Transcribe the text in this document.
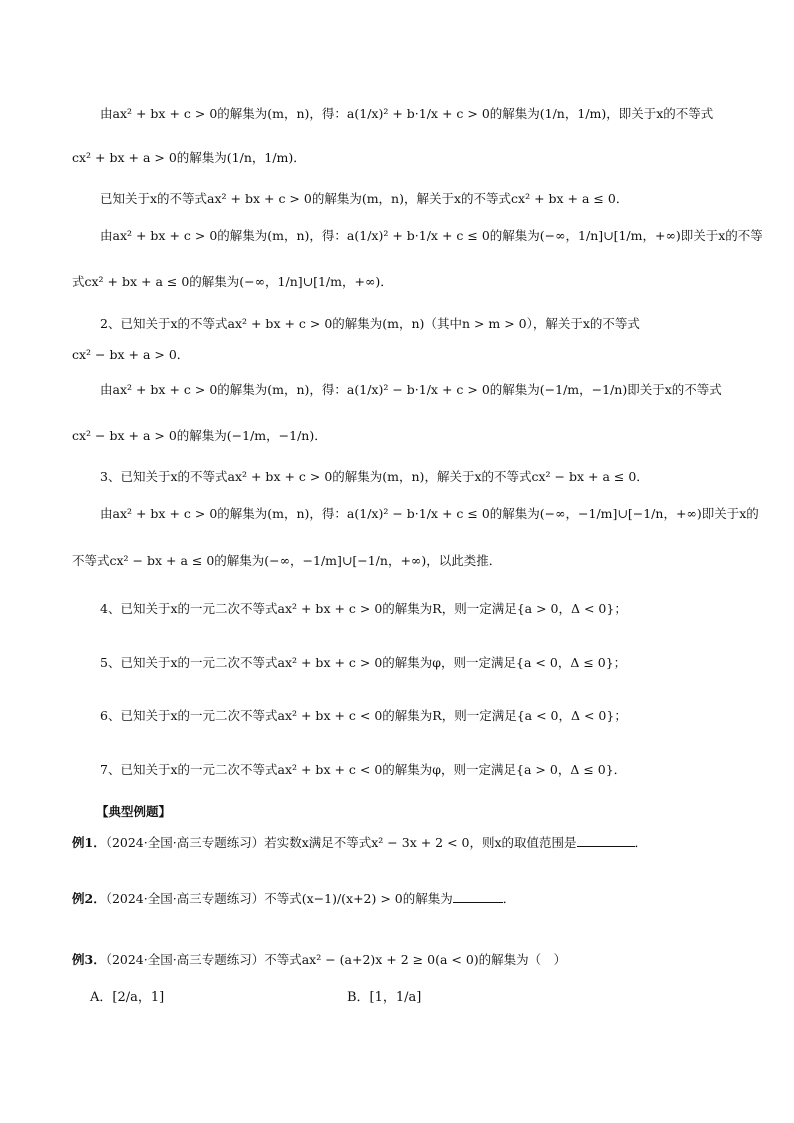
由ax² + bx + c > 0的解集为(m，n)，得：a(1/x)² + b·1/x + c > 0的解集为(1/n，1/m)，即关于x的不等式
cx² + bx + a > 0的解集为(1/n，1/m)．
已知关于x的不等式ax² + bx + c > 0的解集为(m，n)，解关于x的不等式cx² + bx + a ≤ 0．
由ax² + bx + c > 0的解集为(m，n)，得：a(1/x)² + b·1/x + c ≤ 0的解集为(−∞，1/n]∪[1/m，+∞)即关于x的不等
式cx² + bx + a ≤ 0的解集为(−∞，1/n]∪[1/m，+∞)．
2、已知关于x的不等式ax² + bx + c > 0的解集为(m，n)（其中n > m > 0），解关于x的不等式
cx² − bx + a > 0．
由ax² + bx + c > 0的解集为(m，n)，得：a(1/x)² − b·1/x + c > 0的解集为(−1/m，−1/n)即关于x的不等式
cx² − bx + a > 0的解集为(−1/m，−1/n)．
3、已知关于x的不等式ax² + bx + c > 0的解集为(m，n)，解关于x的不等式cx² − bx + a ≤ 0．
由ax² + bx + c > 0的解集为(m，n)，得：a(1/x)² − b·1/x + c ≤ 0的解集为(−∞，−1/m]∪[−1/n，+∞)即关于x的
不等式cx² − bx + a ≤ 0的解集为(−∞，−1/m]∪[−1/n，+∞)，以此类推．
4、已知关于x的一元二次不等式ax² + bx + c > 0的解集为R，则一定满足{a > 0，Δ < 0}；
5、已知关于x的一元二次不等式ax² + bx + c > 0的解集为φ，则一定满足{a < 0，Δ ≤ 0}；
6、已知关于x的一元二次不等式ax² + bx + c < 0的解集为R，则一定满足{a < 0，Δ < 0}；
7、已知关于x的一元二次不等式ax² + bx + c < 0的解集为φ，则一定满足{a > 0，Δ ≤ 0}．
【典型例题】
例1．（2024·全国·高三专题练习）若实数x满足不等式x² − 3x + 2 < 0，则x的取值范围是	．
例2．（2024·全国·高三专题练习）不等式(x−1)/(x+2) > 0的解集为	．
例3．（2024·全国·高三专题练习）不等式ax² − (a+2)x + 2 ≥ 0(a < 0)的解集为（　）
A．[2/a，1]	B．[1，1/a]
